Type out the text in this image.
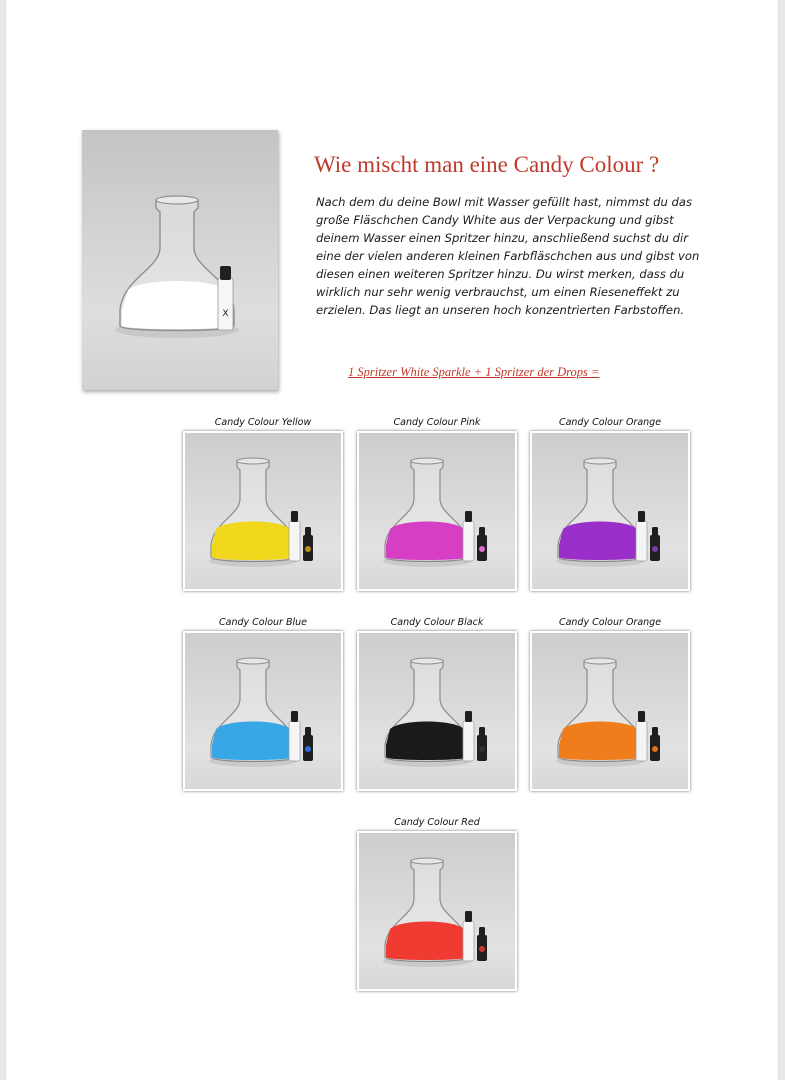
X
Wie mischt man eine Candy Colour ?
Nach dem du deine Bowl mit Wasser gefüllt hast, nimmst du das große Fläschchen Candy White aus der Verpackung und gibst deinem Wasser einen Spritzer hinzu, anschließend suchst du dir eine der vielen anderen kleinen Farbfläschchen aus und gibst von diesen einen weiteren Spritzer hinzu. Du wirst merken, dass du wirklich nur sehr wenig verbrauchst, um einen Rieseneffekt zu erzielen. Das liegt an unseren hoch konzentrierten Farbstoffen.
1 Spritzer White Sparkle + 1 Spritzer der Drops =
Candy Colour Yellow	Candy Colour Pink	Candy Colour Orange
Candy Colour Blue	Candy Colour Black	Candy Colour Orange
Candy Colour Red
